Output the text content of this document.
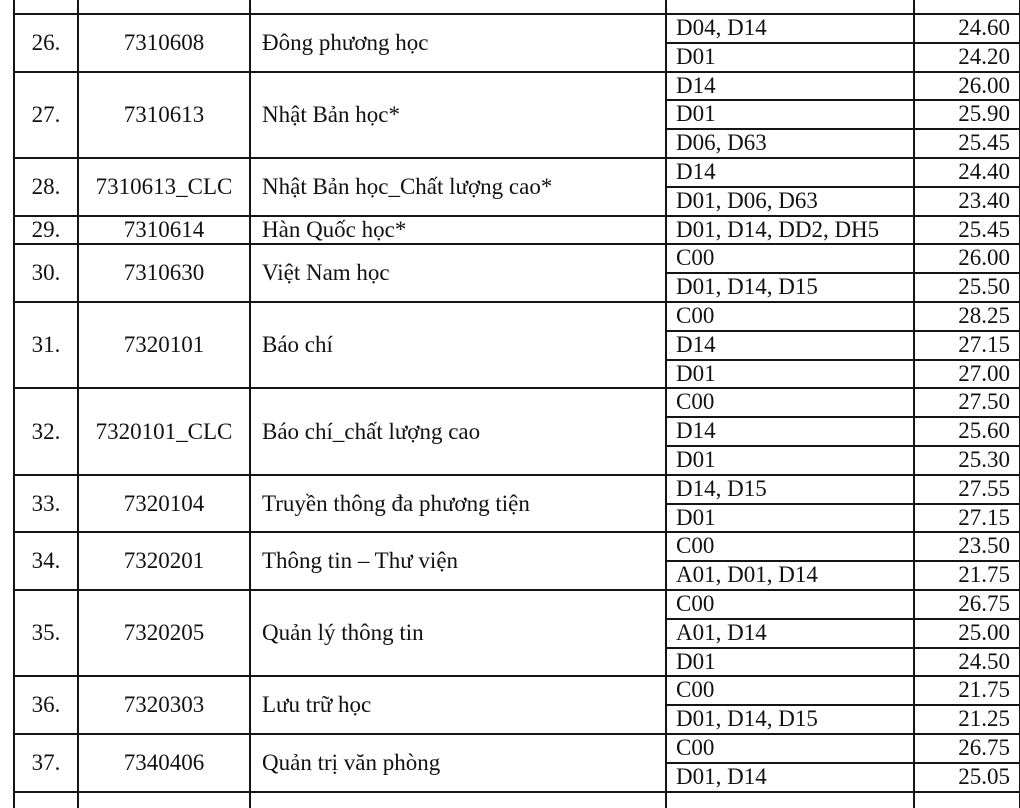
26.	7310608	Đông phương học
D04, D14	24.60
D01	24.20
27.	7310613	Nhật Bản học*
D14	26.00
D01	25.90
D06, D63	25.45
28.	7310613_CLC	Nhật Bản học_Chất lượng cao*
D14	24.40
D01, D06, D63	23.40
29.	7310614	Hàn Quốc học*	D01, D14, DD2, DH5	25.45
30.	7310630	Việt Nam học
C00	26.00
D01, D14, D15	25.50
31.	7320101	Báo chí
C00	28.25
D14	27.15
D01	27.00
32.	7320101_CLC	Báo chí_chất lượng cao
C00	27.50
D14	25.60
D01	25.30
33.	7320104	Truyền thông đa phương tiện
D14, D15	27.55
D01	27.15
34.	7320201	Thông tin – Thư viện
C00	23.50
A01, D01, D14	21.75
35.	7320205	Quản lý thông tin
C00	26.75
A01, D14	25.00
D01	24.50
36.	7320303	Lưu trữ học
C00	21.75
D01, D14, D15	21.25
37.	7340406	Quản trị văn phòng
C00	26.75
D01, D14	25.05
